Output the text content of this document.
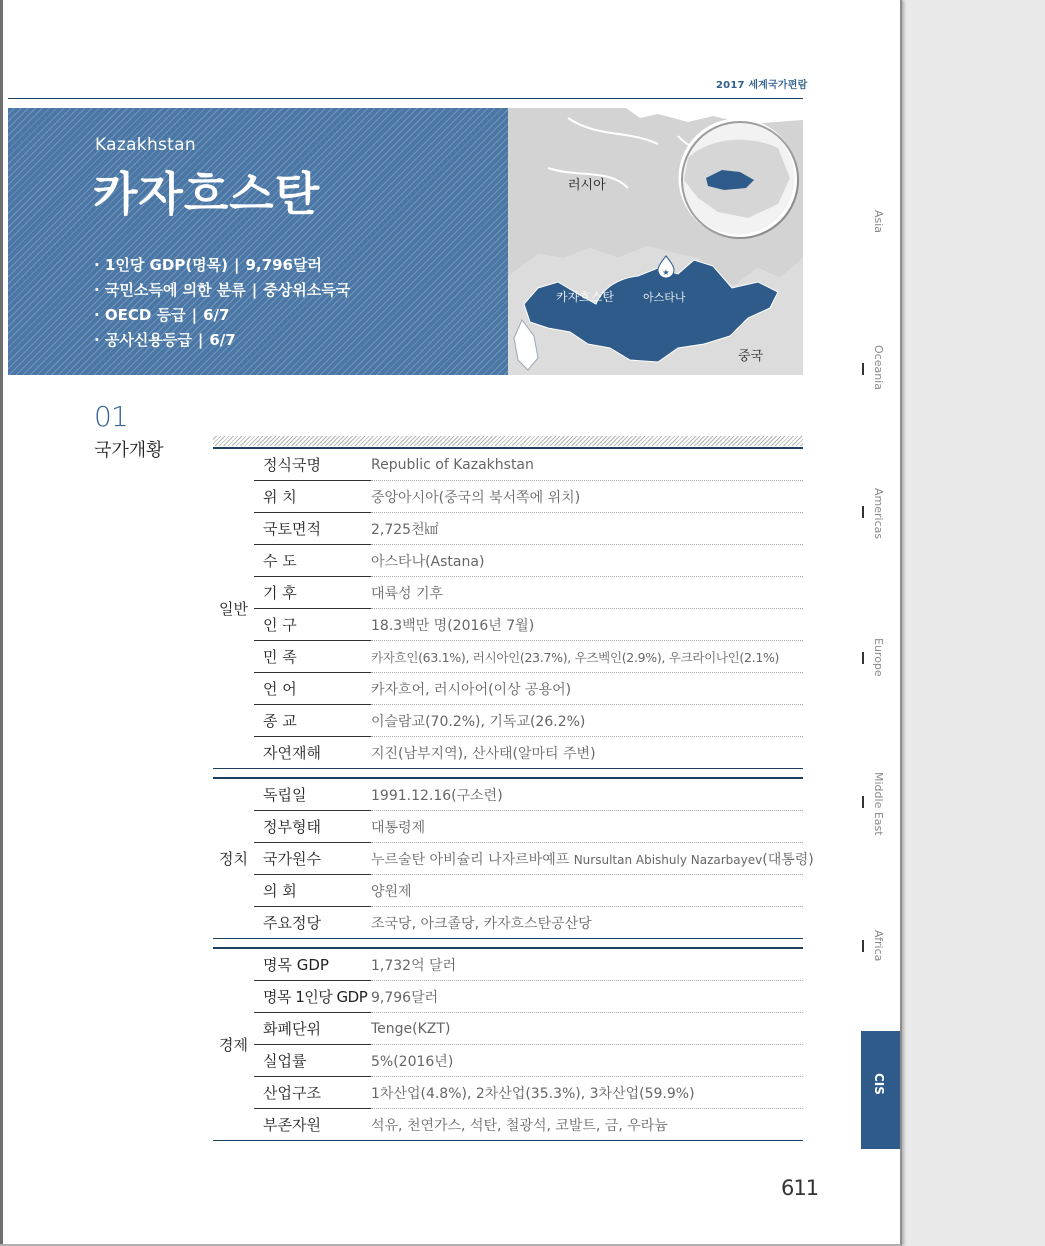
2017 세계국가편람
Kazakhstan
카자흐스탄
· 1인당 GDP(명목) | 9,796달러
· 국민소득에 의한 분류 | 중상위소득국
· OECD 등급 | 6/7
· 공사신용등급 | 6/7
★
러시아
카자흐스탄	아스타나
중국
01
국가개황
일반	정식국명	Republic of Kazakhstan
	위 치	중앙아시아(중국의 북서쪽에 위치)
	국토면적	2,725천㎢
	수 도	아스타나(Astana)
	기 후	대륙성 기후
	인 구	18.3백만 명(2016년 7월)
	민 족	카자흐인(63.1%), 러시아인(23.7%), 우즈벡인(2.9%), 우크라이나인(2.1%)
	언 어	카자흐어, 러시아어(이상 공용어)
	종 교	이슬람교(70.2%), 기독교(26.2%)
	자연재해	지진(남부지역), 산사태(알마티 주변)

정치	독립일	1991.12.16(구소련)
	정부형태	대통령제
	국가원수	누르술탄 아비슐리 나자르바예프 Nursultan Abishuly Nazarbayev(대통령)
	의 회	양원제
	주요정당	조국당, 아크졸당, 카자흐스탄공산당

경제	명목 GDP	1,732억 달러
	명목 1인당 GDP	9,796달러
	화폐단위	Tenge(KZT)
	실업률	5%(2016년)
	산업구조	1차산업(4.8%), 2차산업(35.3%), 3차산업(59.9%)
	부존자원	석유, 천연가스, 석탄, 철광석, 코발트, 금, 우라늄
611
Asia
Oceania
Americas
Europe
Middle East
Africa
CIS
